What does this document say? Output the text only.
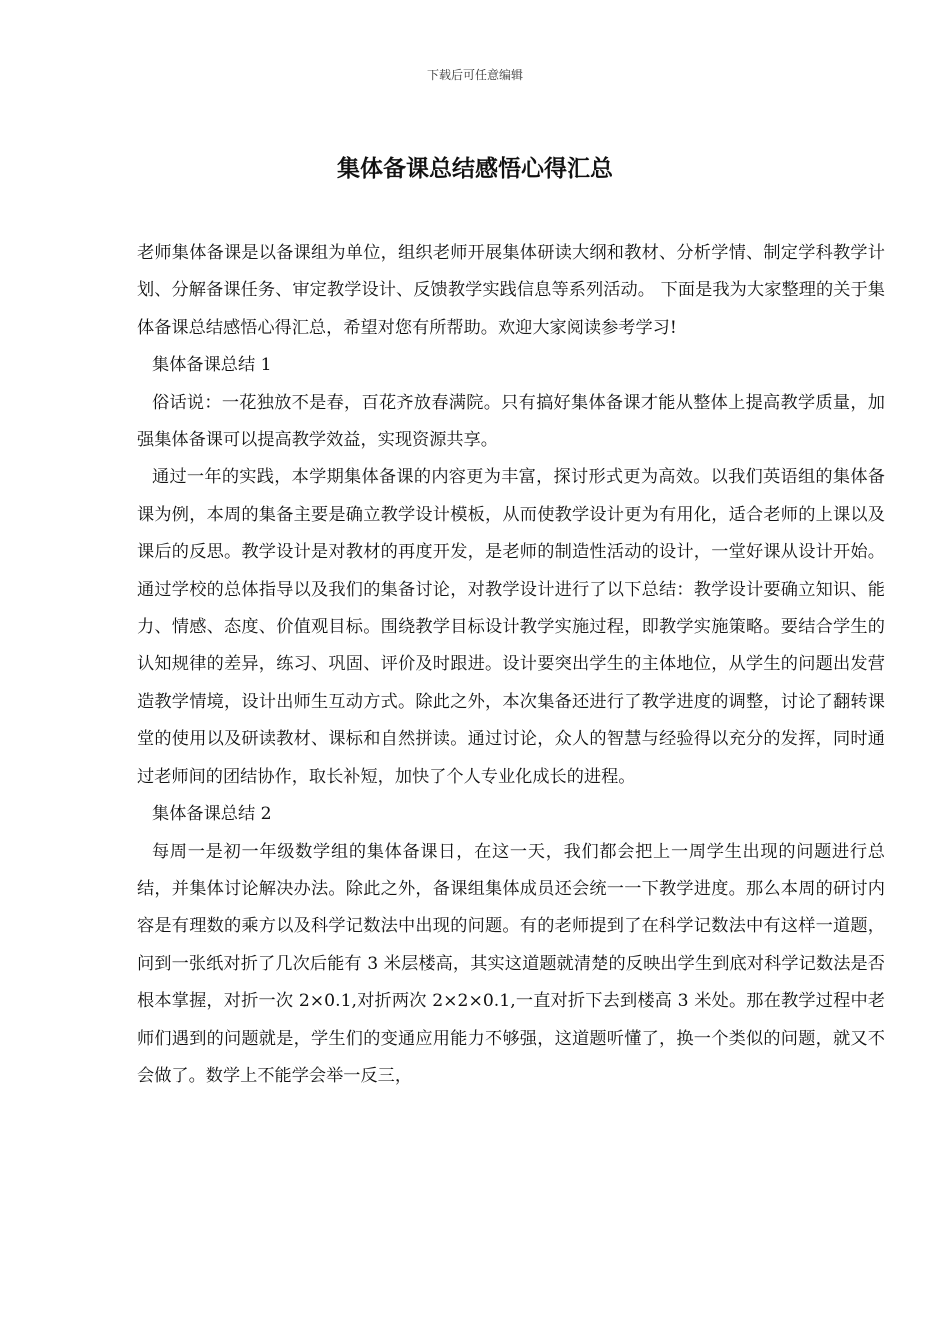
下载后可任意编辑
集体备课总结感悟心得汇总

老师集体备课是以备课组为单位，组织老师开展集体研读大纲和教材、分析学情、制定学科教学计划、分解备课任务、审定教学设计、反馈教学实践信息等系列活动。 下面是我为大家整理的关于集体备课总结感悟心得汇总，希望对您有所帮助。欢迎大家阅读参考学习!

集体备课总结 1

俗话说：一花独放不是春，百花齐放春满院。只有搞好集体备课才能从整体上提高教学质量，加强集体备课可以提高教学效益，实现资源共享。

通过一年的实践，本学期集体备课的内容更为丰富，探讨形式更为高效。以我们英语组的集体备课为例，本周的集备主要是确立教学设计模板，从而使教学设计更为有用化，适合老师的上课以及课后的反思。教学设计是对教材的再度开发，是老师的制造性活动的设计，一堂好课从设计开始。通过学校的总体指导以及我们的集备讨论，对教学设计进行了以下总结：教学设计要确立知识、能力、情感、态度、价值观目标。围绕教学目标设计教学实施过程，即教学实施策略。要结合学生的认知规律的差异，练习、巩固、评价及时跟进。设计要突出学生的主体地位，从学生的问题出发营造教学情境，设计出师生互动方式。除此之外，本次集备还进行了教学进度的调整，讨论了翻转课堂的使用以及研读教材、课标和自然拼读。通过讨论，众人的智慧与经验得以充分的发挥，同时通过老师间的团结协作，取长补短，加快了个人专业化成长的进程。

集体备课总结 2

每周一是初一年级数学组的集体备课日，在这一天，我们都会把上一周学生出现的问题进行总结，并集体讨论解决办法。除此之外，备课组集体成员还会统一一下教学进度。那么本周的研讨内容是有理数的乘方以及科学记数法中出现的问题。有的老师提到了在科学记数法中有这样一道题，问到一张纸对折了几次后能有 3 米层楼高，其实这道题就清楚的反映出学生到底对科学记数法是否根本掌握，对折一次 2×0.1,对折两次 2×2×0.1,一直对折下去到楼高 3 米处。那在教学过程中老师们遇到的问题就是，学生们的变通应用能力不够强，这道题听懂了，换一个类似的问题，就又不会做了。数学上不能学会举一反三，
